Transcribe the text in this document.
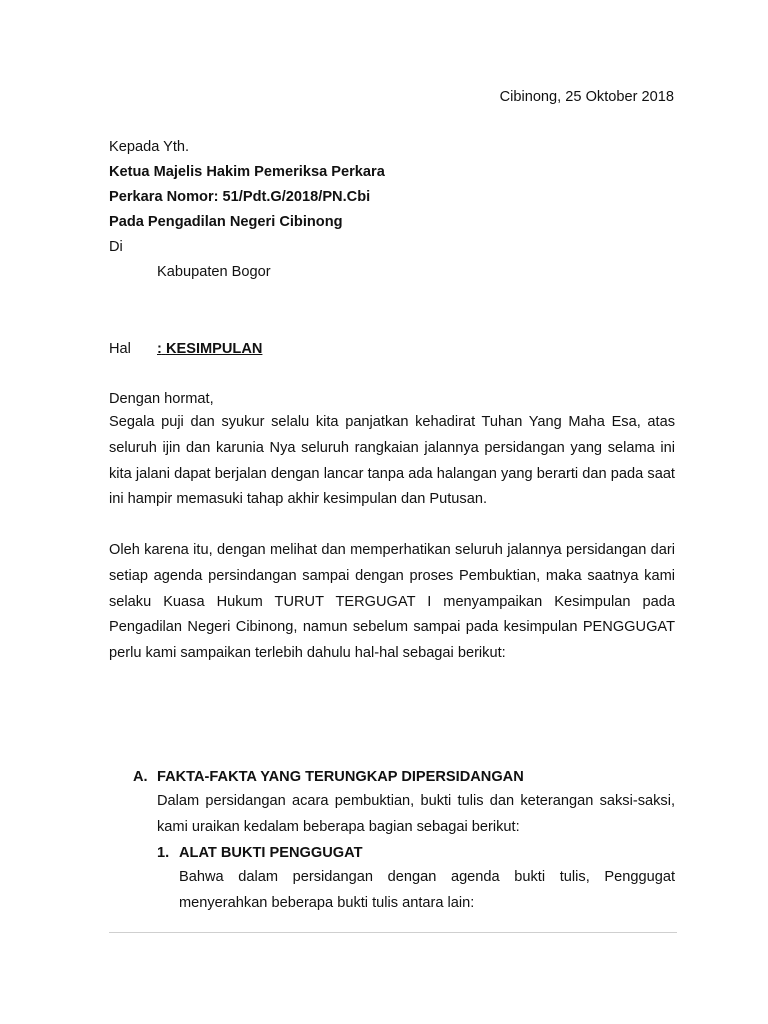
Cibinong, 25 Oktober 2018
Kepada Yth.
Ketua Majelis Hakim Pemeriksa Perkara
Perkara Nomor: 51/Pdt.G/2018/PN.Cbi
Pada Pengadilan Negeri Cibinong
Di
Kabupaten Bogor
Hal : KESIMPULAN
Dengan hormat,

Segala puji dan syukur selalu kita panjatkan kehadirat Tuhan Yang Maha Esa, atas seluruh ijin dan karunia Nya seluruh rangkaian jalannya persidangan yang selama ini kita jalani dapat berjalan dengan lancar tanpa ada halangan yang berarti dan pada saat ini hampir memasuki tahap akhir kesimpulan dan Putusan.

Oleh karena itu, dengan melihat dan memperhatikan seluruh jalannya persidangan dari setiap agenda persindangan sampai dengan proses Pembuktian, maka saatnya kami selaku Kuasa Hukum TURUT TERGUGAT I menyampaikan Kesimpulan pada Pengadilan Negeri Cibinong, namun sebelum sampai pada kesimpulan PENGGUGAT perlu kami sampaikan terlebih dahulu hal-hal sebagai berikut:

A. FAKTA-FAKTA YANG TERUNGKAP DIPERSIDANGAN

Dalam persidangan acara pembuktian, bukti tulis dan keterangan saksi-saksi, kami uraikan kedalam beberapa bagian sebagai berikut:

1. ALAT BUKTI PENGGUGAT

Bahwa dalam persidangan dengan agenda bukti tulis, Penggugat menyerahkan beberapa bukti tulis antara lain:
